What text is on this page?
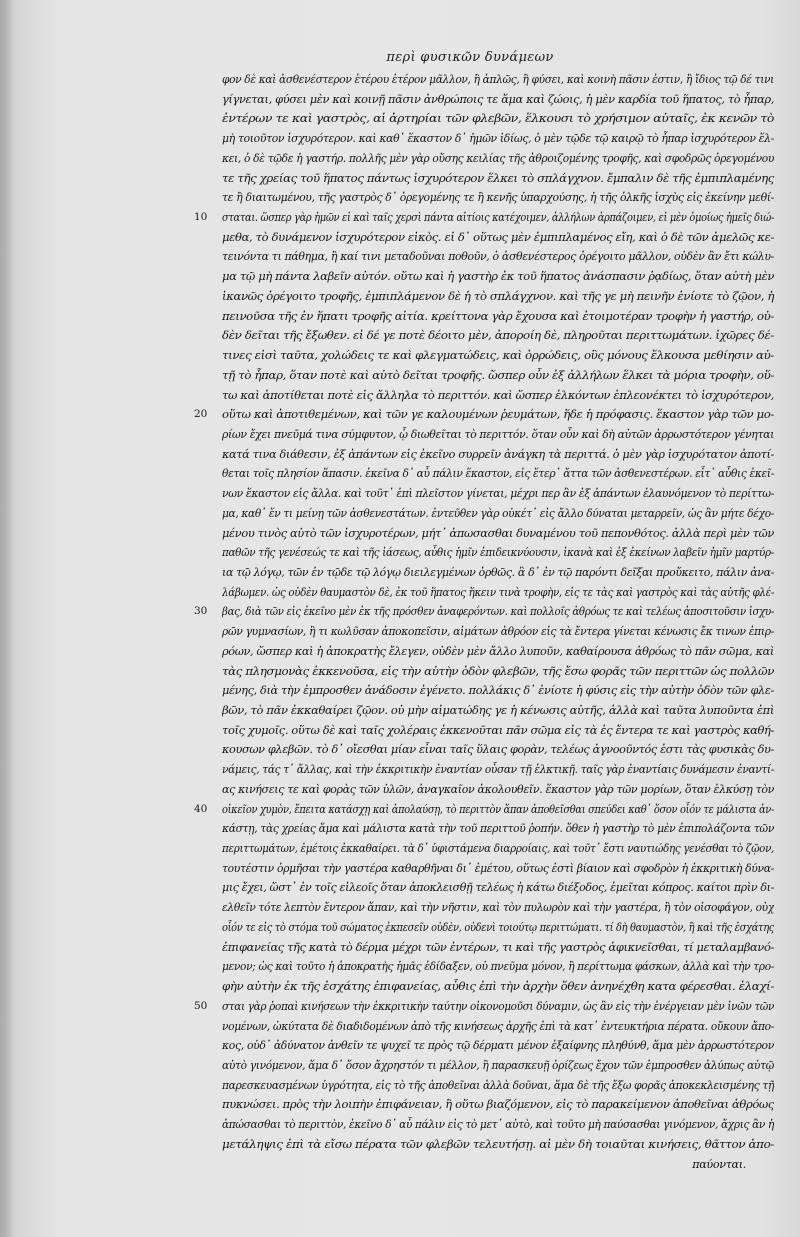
περὶ φυσικῶν δυνάμεων
10
20
30
40
50
φον δὲ καὶ ἀσθενέστερον ἑτέρου ἑτέρον μᾶλλον, ἢ ἁπλῶς, ἢ φύσει, καὶ κοινὴ πᾶσιν ἐστιν, ἢ ἴδιος τῷ δέ τινι
γίγνεται, φύσει μὲν καὶ κοινῇ πᾶσιν ἀνθρώποις τε ἅμα καὶ ζώοις, ἡ μὲν καρδία τοῦ ἥπατος, τὸ ἧπαρ,
ἐντέρων τε καὶ γαστρὸς, αἱ ἀρτηρίαι τῶν φλεβῶν, ἕλκουσι τὸ χρήσιμον αὐταῖς, ἐκ κενῶν τὸ
μὴ τοιοῦτον ἰσχυρότερον. καὶ καθ᾽ ἕκαστον δ᾽ ἡμῶν ἰδίως, ὁ μὲν τῷδε τῷ καιρῷ τὸ ἧπαρ ἰσχυρότερον ἕλ-
κει, ὁ δὲ τῷδε ἡ γαστήρ. πολλῆς μὲν γὰρ οὔσης κειλίας τῆς ἀθροιζομένης τροφῆς, καὶ σφοδρῶς ὀρεγομένου
τε τῆς χρείας τοῦ ἥπατος πάντως ἰσχυρότερον ἕλκει τὸ σπλάγχνον. ἔμπαλιν δὲ τῆς ἐμπιπλαμένης
τε ἢ διαιτωμένου, τῆς γαστρὸς δ᾽ ὀρεγομένης τε ἢ κενῆς ὑπαρχούσης, ἡ τῆς ὁλκῆς ἰσχὺς εἰς ἐκείνην μεθί-
σταται. ὥσπερ γὰρ ἡμῶν εἰ καὶ ταῖς χερσὶ πάντα αἰτίοις κατέχοιμεν, ἀλλήλων ἁρπάζοιμεν, εἰ μὲν ὁμοίως ἡμεῖς διώ-
μεθα, τὸ δυνάμενον ἰσχυρότερον εἰκὸς. εἰ δ᾽ οὕτως μὲν ἐμπιπλαμένος εἴη, καὶ ὁ δὲ τῶν ἀμελῶς κε-
τεινόντα τι πάθημα, ἢ καί τινι μεταδοῦναι ποθοῦν, ὁ ἀσθενέστερος ὀρέγοιτο μᾶλλον, οὐδὲν ἂν ἔτι κώλυ-
μα τῷ μὴ πάντα λαβεῖν αὐτόν. οὕτω καὶ ἡ γαστὴρ ἐκ τοῦ ἥπατος ἀνάσπασιν ῥᾳδίως, ὅταν αὐτὴ μὲν
ἱκανῶς ὀρέγοιτο τροφῆς, ἐμπιπλάμενον δὲ ἡ τὸ σπλάγχνον. καὶ τῆς γε μὴ πεινῆν ἐνίοτε τὸ ζῷον, ἡ
πεινοῦσα τῆς ἐν ἥπατι τροφῆς αἰτία. κρείττονα γὰρ ἔχουσα καὶ ἑτοιμοτέραν τροφὴν ἡ γαστήρ, οὐ-
δὲν δεῖται τῆς ἔξωθεν. εἰ δέ γε ποτὲ δέοιτο μὲν, ἀποροίη δὲ, πληροῦται περιττωμάτων. ἰχῶρες δέ-
τινες εἰσὶ ταῦτα, χολώδεις τε καὶ φλεγματώδεις, καὶ ὀρρώδεις, οὓς μόνους ἕλκουσα μεθίησιν αὐ-
τῇ τὸ ἧπαρ, ὅταν ποτὲ καὶ αὐτὸ δεῖται τροφῆς. ὥσπερ οὖν ἐξ ἀλλήλων ἕλκει τὰ μόρια τροφὴν, οὕ-
τω καὶ ἀποτίθεται ποτὲ εἰς ἄλληλα τὸ περιττόν. καὶ ὥσπερ ἑλκόντων ἐπλεονέκτει τὸ ἰσχυρότερον,
οὕτω καὶ ἀποτιθεμένων, καὶ τῶν γε καλουμένων ῥευμάτων, ἥδε ἡ πρόφασις. ἕκαστον γὰρ τῶν μο-
ρίων ἔχει πνεῦμά τινα σύμφυτον, ᾧ διωθεῖται τὸ περιττόν. ὅταν οὖν καὶ δὴ αὐτῶν ἀρρωστότερον γένηται
κατά τινα διάθεσιν, ἐξ ἁπάντων εἰς ἐκεῖνο συρρεῖν ἀνάγκη τὰ περιττά. ὁ μὲν γὰρ ἰσχυρότατον ἀποτί-
θεται τοῖς πλησίον ἅπασιν. ἐκεῖνα δ᾽ αὖ πάλιν ἕκαστον, εἰς ἕτερ᾽ ἄττα τῶν ἀσθενεστέρων. εἶτ᾽ αὖθις ἐκεῖ-
νων ἕκαστον εἰς ἄλλα. καὶ τοῦτ᾽ ἐπὶ πλεῖστον γίνεται, μέχρι περ ἂν ἐξ ἁπάντων ἐλαυνόμενον τὸ περίττω-
μα, καθ᾽ ἕν τι μείνῃ τῶν ἀσθενεστάτων. ἐντεῦθεν γὰρ οὐκέτ᾽ εἰς ἄλλο δύναται μεταρρεῖν, ὡς ἂν μήτε δέχο-
μένου τινὸς αὐτὸ τῶν ἰσχυροτέρων, μήτ᾽ ἀπωσασθαι δυναμένου τοῦ πεπονθότος. ἀλλὰ περὶ μὲν τῶν
παθῶν τῆς γενέσεώς τε καὶ τῆς ἰάσεως, αὖθις ἡμῖν ἐπιδεικνύουσιν, ἱκανὰ καὶ ἐξ ἐκείνων λαβεῖν ἡμῖν μαρτύρ-
ια τῷ λόγῳ, τῶν ἐν τῷδε τῷ λόγῳ διειλεγμένων ὀρθῶς. ἃ δ᾽ ἐν τῷ παρόντι δεῖξαι προὔκειτο, πάλιν ἀνα-
λάβωμεν. ὡς οὐδὲν θαυμαστὸν δὲ, ἐκ τοῦ ἥπατος ἥκειν τινὰ τροφὴν, εἰς τε τὰς καὶ γαστρὸς καὶ τὰς αὐτῆς φλέ-
βας, διὰ τῶν εἰς ἐκεῖνο μὲν ἐκ τῆς πρόσθεν ἀναφερόντων. καὶ πολλοῖς ἀθρόως τε καὶ τελέως ἀποσιτοῦσιν ἰσχυ-
ρῶν γυμνασίων, ἢ τι κωλῦσαν ἀποκοπεῖσιν, αἱμάτων ἀθρόον εἰς τὰ ἔντερα γίνεται κένωσις ἔκ τινων ἐπιρ-
ρόων, ὥσπερ καὶ ἡ ἀποκρατὴς ἔλεγεν, οὐδὲν μὲν ἄλλο λυποῦν, καθαίρουσα ἀθρόως τὸ πᾶν σῶμα, καὶ
τὰς πλησμονὰς ἐκκενοῦσα, εἰς τὴν αὐτὴν ὁδὸν φλεβῶν, τῆς ἔσω φορᾶς τῶν περιττῶν ὡς πολλῶν
μένης, διὰ τὴν ἐμπροσθεν ἀνάδοσιν ἐγένετο. πολλάκις δ᾽ ἐνίοτε ἡ φύσις εἰς τὴν αὐτὴν ὁδὸν τῶν φλε-
βῶν, τὸ πᾶν ἐκκαθαίρει ζῷον. οὐ μὴν αἱματώδης γε ἡ κένωσις αὐτῆς, ἀλλὰ καὶ ταῦτα λυποῦντα ἐπὶ
τοῖς χυμοῖς. οὕτω δὲ καὶ ταῖς χολέραις ἐκκενοῦται πᾶν σῶμα εἰς τὰ ἐς ἔντερα τε καὶ γαστρὸς καθή-
κουσων φλεβῶν. τὸ δ᾽ οἴεσθαι μίαν εἶναι ταῖς ὕλαις φορὰν, τελέως ἀγνοοῦντός ἐστι τὰς φυσικὰς δυ-
νάμεις, τάς τ᾽ ἄλλας, καὶ τὴν ἐκκριτικὴν ἐναντίαν οὖσαν τῇ ἑλκτικῇ. ταῖς γὰρ ἐναντίαις δυνάμεσιν ἐναντί-
ας κινήσεις τε καὶ φορὰς τῶν ὑλῶν, ἀναγκαῖον ἀκολουθεῖν. ἕκαστον γὰρ τῶν μορίων, ὅταν ἑλκύσῃ τὸν
οἰκεῖον χυμὸν, ἔπειτα κατάσχῃ καὶ ἀπολαύσῃ, τὸ περιττὸν ἅπαν ἀποθεῖσθαι σπεύδει καθ᾽ ὅσον οἷόν τε μάλιστα ἀν-
κάστῃ, τὰς χρείας ἅμα καὶ μάλιστα κατὰ τὴν τοῦ περιττοῦ ῥοπήν. ὅθεν ἡ γαστὴρ τὸ μὲν ἐπιπολάζοντα τῶν
περιττωμάτων, ἐμέτοις ἐκκαθαίρει. τὰ δ᾽ ὑφιστάμενα διαρροίαις, καὶ τοῦτ᾽ ἔστι ναυτιώδης γενέσθαι τὸ ζῷον,
τουτέστιν ὁρμῆσαι τὴν γαστέρα καθαρθῆναι δι᾽ ἐμέτου, οὕτως ἐστὶ βίαιον καὶ σφοδρὸν ἡ ἐκκριτικὴ δύνα-
μις ἔχει, ὥστ᾽ ἐν τοῖς εἰλεοῖς ὅταν ἀποκλεισθῇ τελέως ἡ κάτω διέξοδος, ἐμεῖται κόπρος. καίτοι πρὶν δι-
ελθεῖν τότε λεπτὸν ἔντερον ἅπαν, καὶ τὴν νῆστιν, καὶ τὸν πυλωρὸν καὶ τὴν γαστέρα, ἢ τὸν οἰσοφάγον, οὐχ
οἷόν τε εἰς τὸ στόμα τοῦ σώματος ἐκπεσεῖν οὐδὲν, οὐδενὶ τοιούτῳ περιττώματι. τί δὴ θαυμαστὸν, ἢ καὶ τῆς ἐσχάτης
ἐπιφανείας τῆς κατὰ τὸ δέρμα μέχρι τῶν ἐντέρων, τι καὶ τῆς γαστρὸς ἀφικνεῖσθαι, τί μεταλαμβανό-
μενον; ὡς καὶ τοῦτο ἡ ἀποκρατὴς ἡμᾶς ἐδίδαξεν, οὐ πνεῦμα μόνον, ἢ περίττωμα φάσκων, ἀλλὰ καὶ τὴν τρο-
φὴν αὐτὴν ἐκ τῆς ἐσχάτης ἐπιφανείας, αὖθις ἐπὶ τὴν ἀρχὴν ὅθεν ἀνηνέχθη κατα φέρεσθαι. ἐλαχί-
σται γὰρ ῥοπαὶ κινήσεων τὴν ἐκκριτικὴν ταύτην οἰκονομοῦσι δύναμιν, ὡς ἂν εἰς τὴν ἐνέργειαν μὲν ἰνῶν τῶν
νομένων, ὠκύτατα δὲ διαδιδομένων ἀπὸ τῆς κινήσεως ἀρχῆς ἐπὶ τὰ κατ᾽ ἐντευκτήρια πέρατα. οὔκουν ἄπο-
κος, οὐδ᾽ ἀδύνατον ἀνθεῖν τε ψυχεῖ τε πρὸς τῷ δέρματι μένον ἐξαίφνης πληθύνθ, ἅμα μὲν ἀρρωστότερον
αὐτὸ γινόμενον, ἅμα δ᾽ ὅσον ἄχρηστόν τι μέλλον, ἢ παρασκευῇ ὀρίζεως ἔχον τῶν ἐμπροσθεν ἀλύπως αὐτῷ
παρεσκευασμένων ὑγρότητα, εἰς τὸ τῆς ἀποθεῖναι ἀλλὰ δοῦναι, ἅμα δὲ τῆς ἔξω φορᾶς ἀποκεκλεισμένης τῇ
πυκνώσει. πρὸς τὴν λοιπὴν ἐπιφάνειαν, ἢ οὕτω βιαζόμενον, εἰς τὸ παρακείμενον ἀποθεῖναι ἀθρόως
ἀπώσασθαι τὸ περιττὸν, ἐκεῖνο δ᾽ αὖ πάλιν εἰς τὸ μετ᾽ αὐτὸ, καὶ τοῦτο μὴ παύσασθαι γινόμενον, ἄχρις ἂν ἡ
μετάληψις ἐπὶ τὰ εἴσω πέρατα τῶν φλεβῶν τελευτήσῃ. αἱ μὲν δὴ τοιαῦται κινήσεις, θᾶττον ἀπο-
παύονται.
